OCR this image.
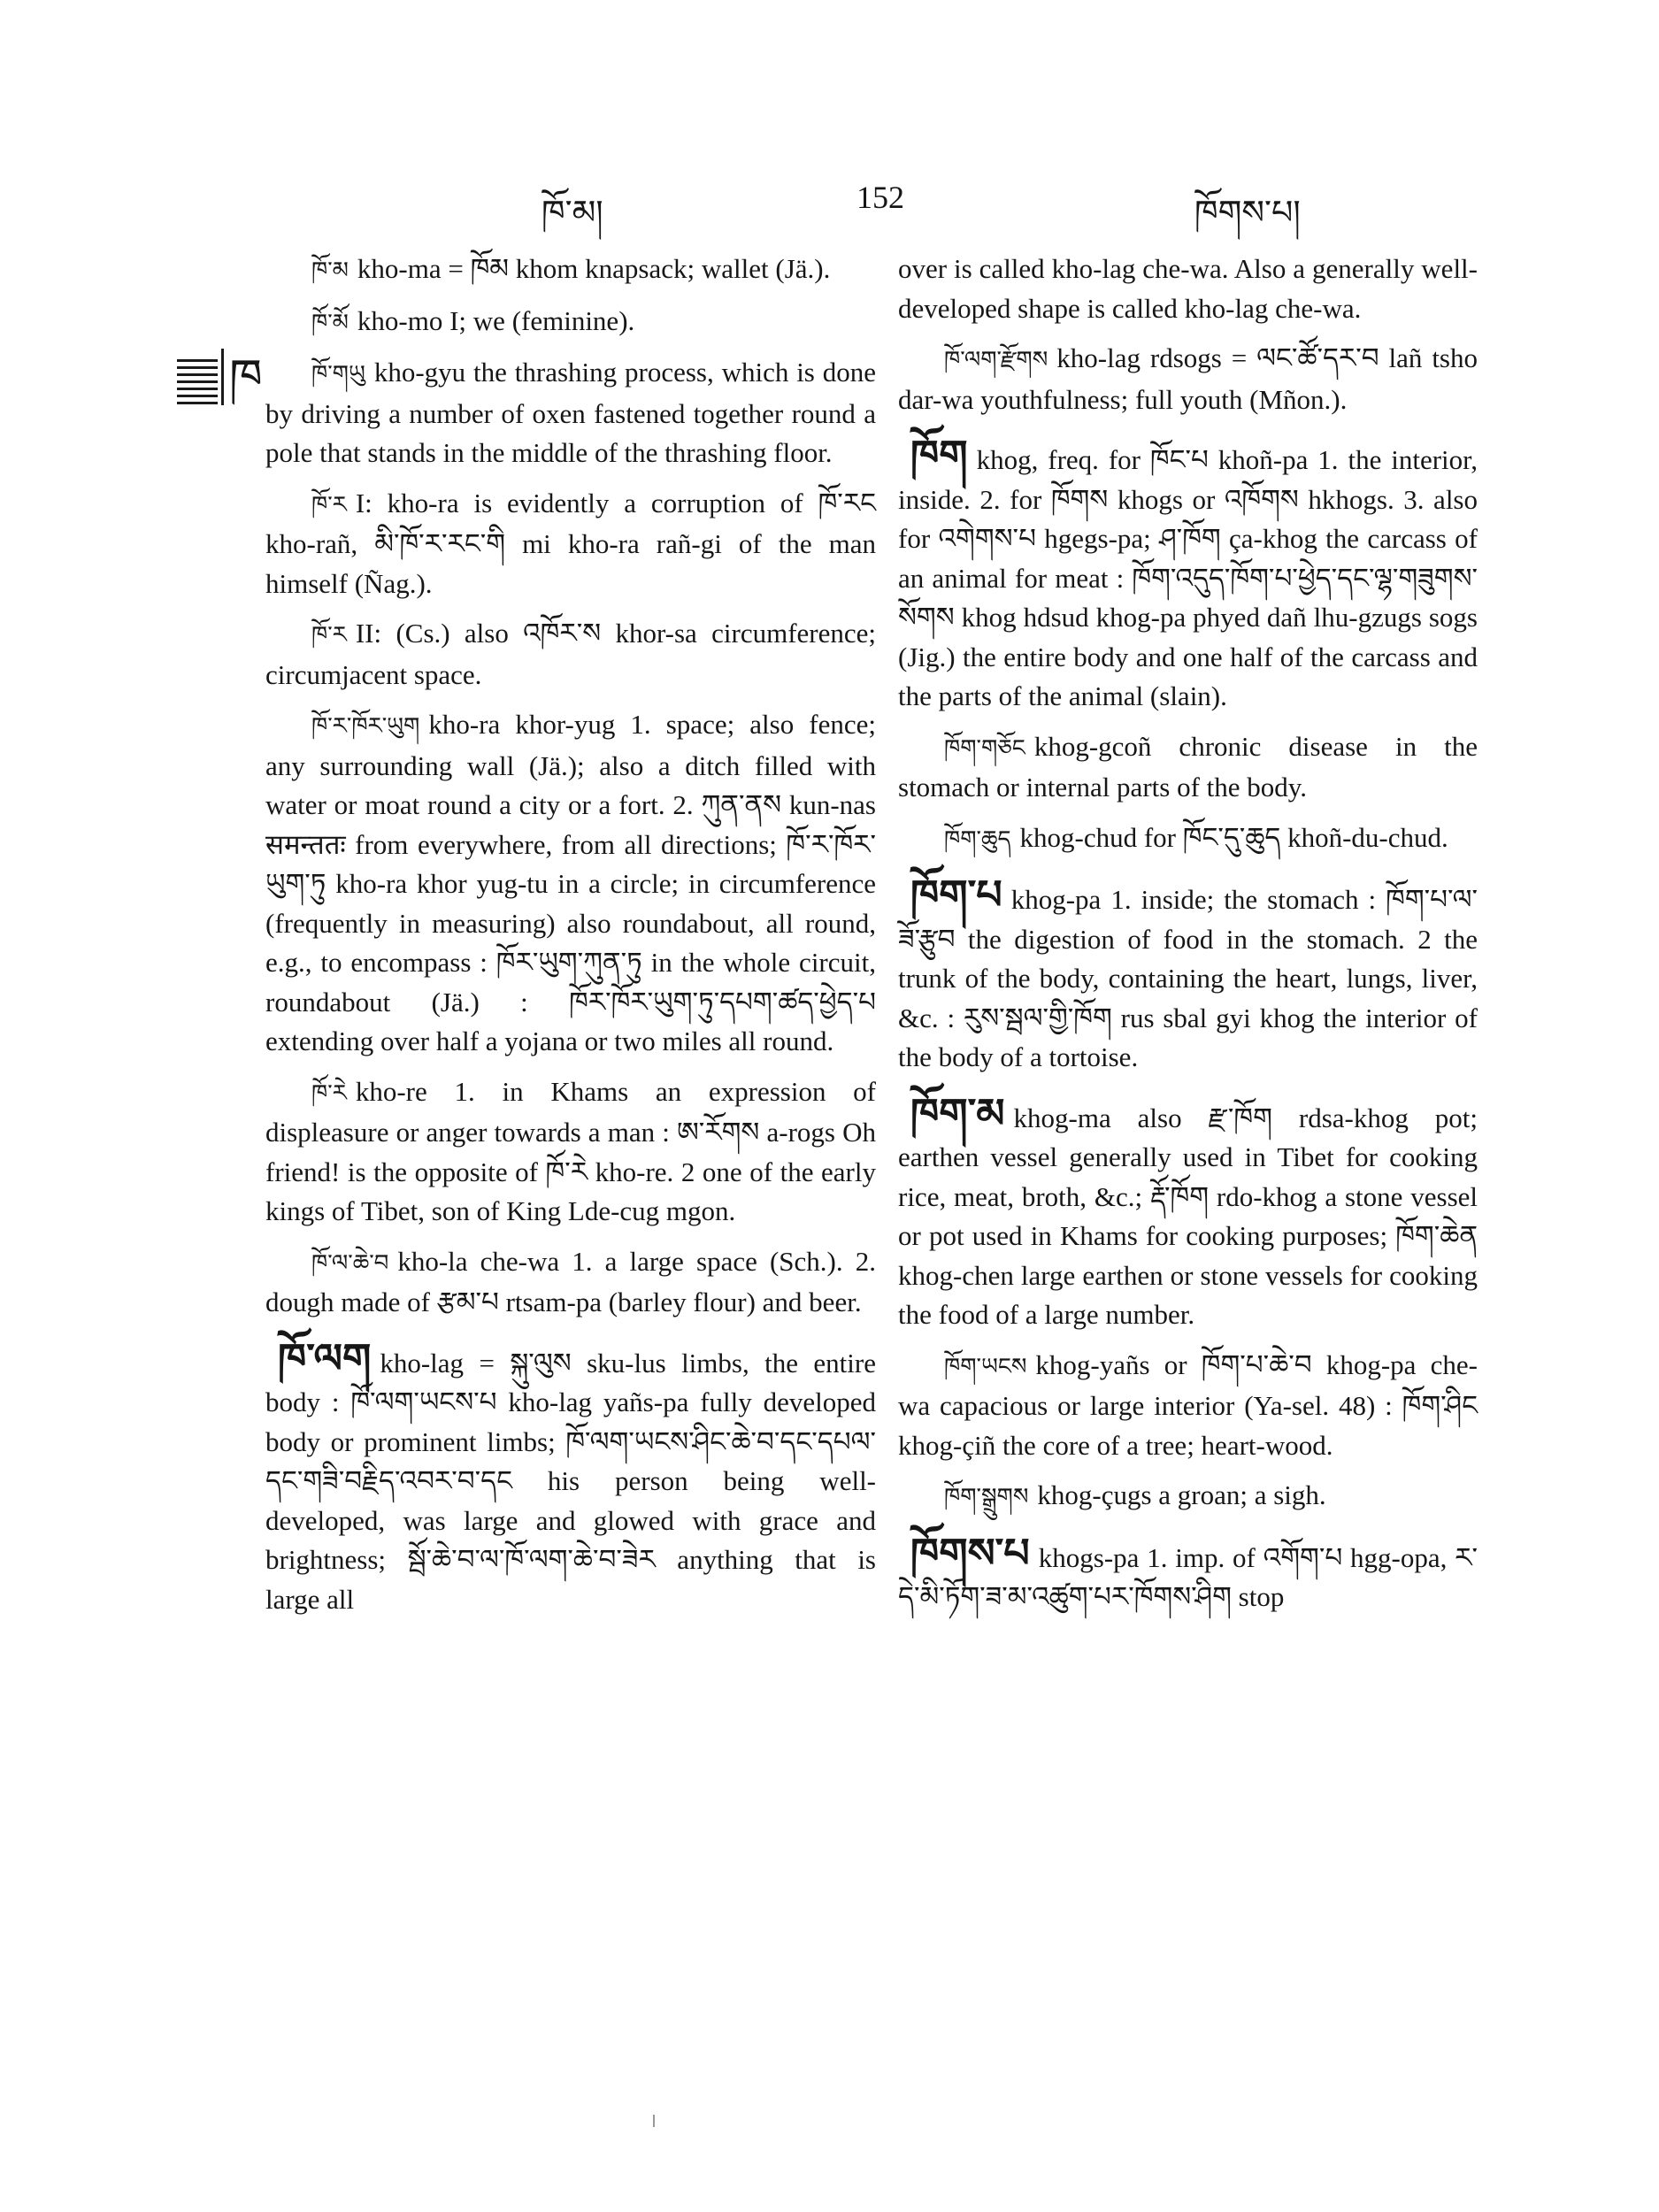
ཁོ་མ།	152	ཁོགས་པ།
ཁ

ཁོ་མ kho-ma = ཁོམ khom knapsack; wallet (Jä.).

ཁོ་མོ kho-mo I; we (feminine).

ཁོ་གཡུ kho-gyu the thrashing process, which is done by driving a number of oxen fastened together round a pole that stands in the middle of the thrashing floor.

ཁོ་ར I: kho-ra is evidently a corruption of ཁོ་རང kho-rañ, མི་ཁོ་ར་རང་གི mi kho-ra rañ-gi of the man himself (Ñag.).

ཁོ་ར II: (Cs.) also འཁོར་ས khor-sa circumference; circumjacent space.

ཁོ་ར་ཁོར་ཡུག kho-ra khor-yug 1. space; also fence; any surrounding wall (Jä.); also a ditch filled with water or moat round a city or a fort. 2. ཀུན་ནས kun-nas समन्ततः from everywhere, from all directions; ཁོ་ར་ཁོར་ཡུག་ཏུ kho-ra khor yug-tu in a circle; in circumference (frequently in measuring) also roundabout, all round, e.g., to encompass : ཁོར་ཡུག་ཀུན་ཏུ in the whole circuit, roundabout (Jä.) : ཁོར་ཁོར་ཡུག་ཏུ་དཔག་ཚད་ཕྱེད་པ extending over half a yojana or two miles all round.

ཁོ་རེ kho-re 1. in Khams an expression of displeasure or anger towards a man : ཨ་རོགས a-rogs Oh friend! is the opposite of ཁོ་རེ kho-re. 2 one of the early kings of Tibet, son of King Lde-cug mgon.

ཁོ་ལ་ཆེ་བ kho-la che-wa 1. a large space (Sch.). 2. dough made of རྩམ་པ rtsam-pa (barley flour) and beer.

ཁོ་ལག kho-lag = སྐུ་ལུས sku-lus limbs, the entire body : ཁོ་ལག་ཡངས་པ kho-lag yañs-pa fully developed body or prominent limbs; ཁོ་ལག་ཡངས་ཤིང་ཆེ་བ་དང་དཔལ་དང་གཟི་བརྗིད་འབར་བ་དང his person being well-developed, was large and glowed with grace and brightness; སྦོ་ཆེ་བ་ལ་ཁོ་ལག་ཆེ་བ་ཟེར anything that is large all

over is called kho-lag che-wa. Also a generally well-developed shape is called kho-lag che-wa.

ཁོ་ལག་རྫོགས kho-lag rdsogs = ལང་ཚོ་དར་བ lañ tsho dar-wa youthfulness; full youth (Mñon.).

ཁོག khog, freq. for ཁོང་པ khoñ-pa 1. the interior, inside. 2. for ཁོགས khogs or འཁོགས hkhogs. 3. also for འགེགས་པ hgegs-pa; ཤ་ཁོག ça-khog the carcass of an animal for meat : ཁོག་འདུད་ཁོག་པ་ཕྱེད་དང་ལྷ་གཟུགས་སོགས khog hdsud khog-pa phyed dañ lhu-gzugs sogs (Jig.) the entire body and one half of the carcass and the parts of the animal (slain).

ཁོག་གཅོང khog-gcoñ chronic disease in the stomach or internal parts of the body.

ཁོག་ཆུད khog-chud for ཁོང་དུ་ཆུད khoñ-du-chud.

ཁོག་པ khog-pa 1. inside; the stomach : ཁོག་པ་ལ་ཟོ་རྩུབ the digestion of food in the stomach. 2 the trunk of the body, containing the heart, lungs, liver, &c. : རུས་སྦལ་གྱི་ཁོག rus sbal gyi khog the interior of the body of a tortoise.

ཁོག་མ khog-ma also རྫ་ཁོག rdsa-khog pot; earthen vessel generally used in Tibet for cooking rice, meat, broth, &c.; རྡོ་ཁོག rdo-khog a stone vessel or pot used in Khams for cooking purposes; ཁོག་ཆེན khog-chen large earthen or stone vessels for cooking the food of a large number.

ཁོག་ཡངས khog-yañs or ཁོག་པ་ཆེ་བ khog-pa che-wa capacious or large interior (Ya-sel. 48) : ཁོག་ཤིང khog-çiñ the core of a tree; heart-wood.

ཁོག་སྒྲུགས khog-çugs a groan; a sigh.

ཁོགས་པ khogs-pa 1. imp. of འགོག་པ hgg-opa, ར་དེ་མི་ཏོག་ཟ་མ་འཚུག་པར་ཁོགས་ཤིག stop
